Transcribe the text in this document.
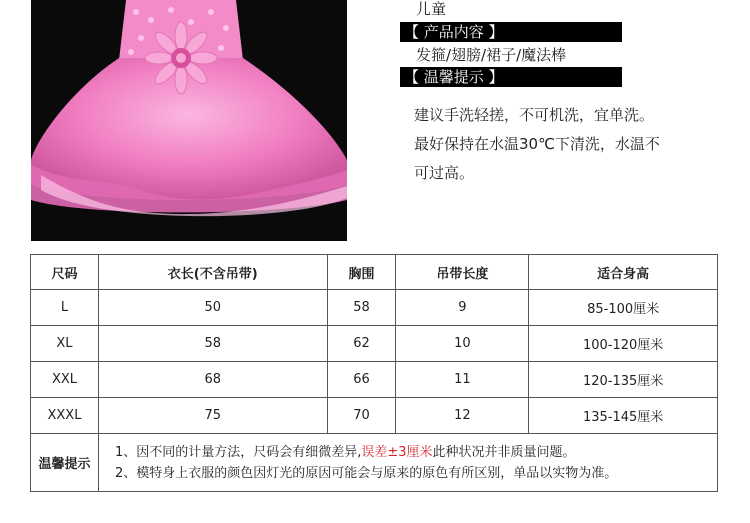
儿童
【 产品内容 】
发箍/翅膀/裙子/魔法棒
【 温馨提示 】

建议手洗轻搓，不可机洗，宜单洗。

最好保持在水温30℃下清洗，水温不

可过高。

尺码	衣长(不含吊带)	胸围	吊带长度	适合身高
L	50	58	9	85-100厘米
XL	58	62	10	100-120厘米
XXL	68	66	11	120-135厘米
XXXL	75	70	12	135-145厘米
温馨提示	1、因不同的计量方法，尺码会有细微差异,误差±3厘米此种状况并非质量问题。
2、模特身上衣服的颜色因灯光的原因可能会与原来的原色有所区别，单品以实物为准。			
